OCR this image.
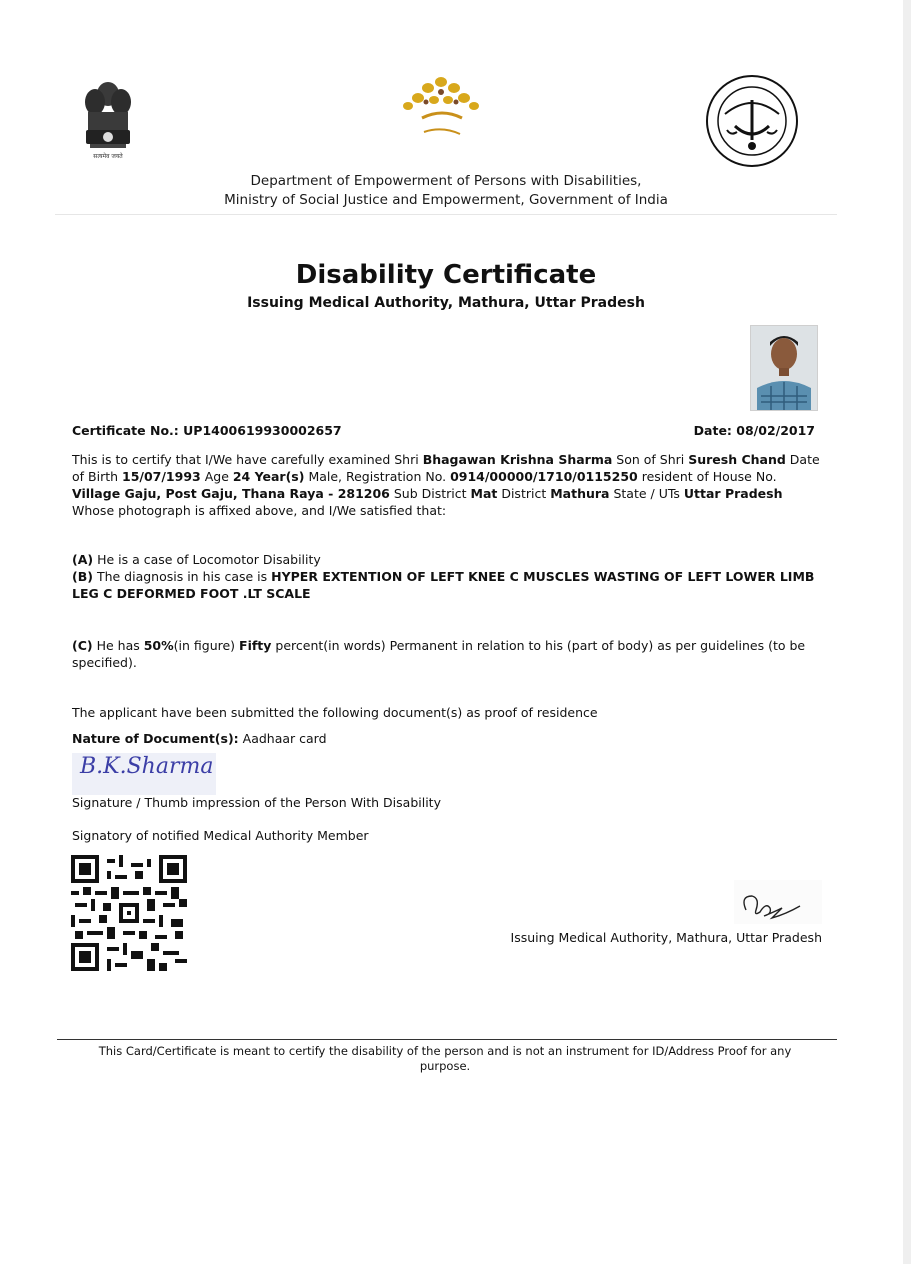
सत्यमेव जयते
Department of Empowerment of Persons with Disabilities,
Ministry of Social Justice and Empowerment, Government of India
Disability Certificate
Issuing Medical Authority, Mathura, Uttar Pradesh
Certificate No.: UP1400619930002657	Date: 08/02/2017
This is to certify that I/We have carefully examined Shri Bhagawan Krishna Sharma Son of Shri Suresh Chand Date of Birth 15/07/1993 Age 24 Year(s) Male, Registration No. 0914/00000/1710/0115250 resident of House No. Village Gaju, Post Gaju, Thana Raya - 281206 Sub District Mat District Mathura State / UTs Uttar Pradesh
Whose photograph is affixed above, and I/We satisfied that:
(A) He is a case of Locomotor Disability
(B) The diagnosis in his case is HYPER EXTENTION OF LEFT KNEE C MUSCLES WASTING OF LEFT LOWER LIMB LEG C DEFORMED FOOT .LT SCALE
(C) He has 50%(in figure) Fifty percent(in words) Permanent in relation to his (part of body) as per guidelines (to be specified).
The applicant have been submitted the following document(s) as proof of residence
Nature of Document(s): Aadhaar card
B.K.Sharma
Signature / Thumb impression of the Person With Disability
Signatory of notified Medical Authority Member
Issuing Medical Authority, Mathura, Uttar Pradesh
This Card/Certificate is meant to certify the disability of the person and is not an instrument for ID/Address Proof for any purpose.
